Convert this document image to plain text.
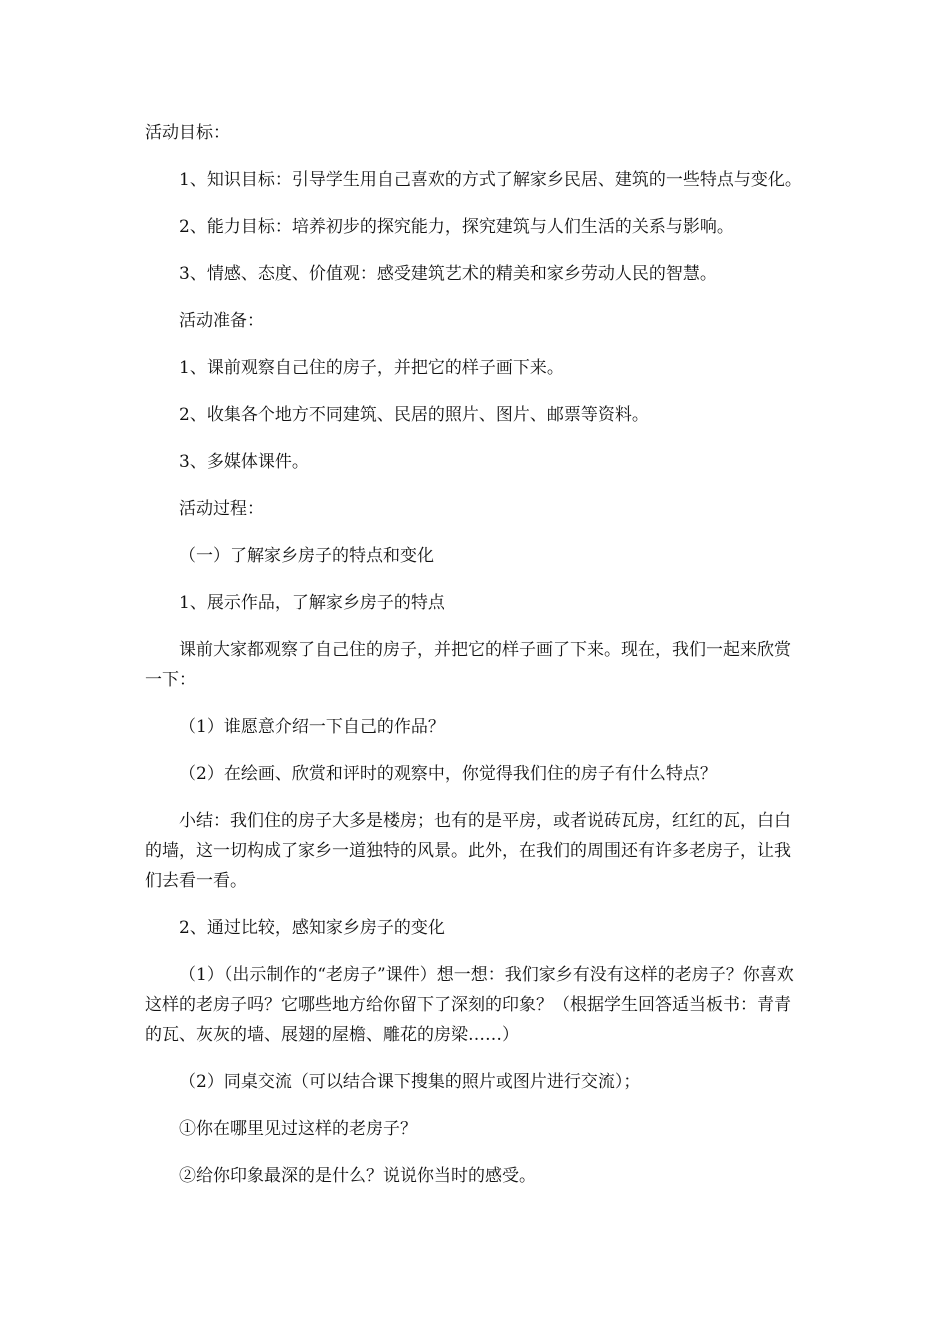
活动目标：

1、知识目标：引导学生用自己喜欢的方式了解家乡民居、建筑的一些特点与变化。

2、能力目标：培养初步的探究能力，探究建筑与人们生活的关系与影响。

3、情感、态度、价值观：感受建筑艺术的精美和家乡劳动人民的智慧。

活动准备：

1、课前观察自己住的房子，并把它的样子画下来。

2、收集各个地方不同建筑、民居的照片、图片、邮票等资料。

3、多媒体课件。

活动过程：

（一）了解家乡房子的特点和变化

1、展示作品，了解家乡房子的特点

课前大家都观察了自己住的房子，并把它的样子画了下来。现在，我们一起来欣赏一下：

（1）谁愿意介绍一下自己的作品？

（2）在绘画、欣赏和评时的观察中，你觉得我们住的房子有什么特点？

小结：我们住的房子大多是楼房；也有的是平房，或者说砖瓦房，红红的瓦，白白的墙，这一切构成了家乡一道独特的风景。此外，在我们的周围还有许多老房子，让我们去看一看。

2、通过比较，感知家乡房子的变化

（1）（出示制作的“老房子”课件）想一想：我们家乡有没有这样的老房子？你喜欢这样的老房子吗？它哪些地方给你留下了深刻的印象？（根据学生回答适当板书：青青的瓦、灰灰的墙、展翅的屋檐、雕花的房梁……）

（2）同桌交流（可以结合课下搜集的照片或图片进行交流）；

①你在哪里见过这样的老房子？

②给你印象最深的是什么？说说你当时的感受。
